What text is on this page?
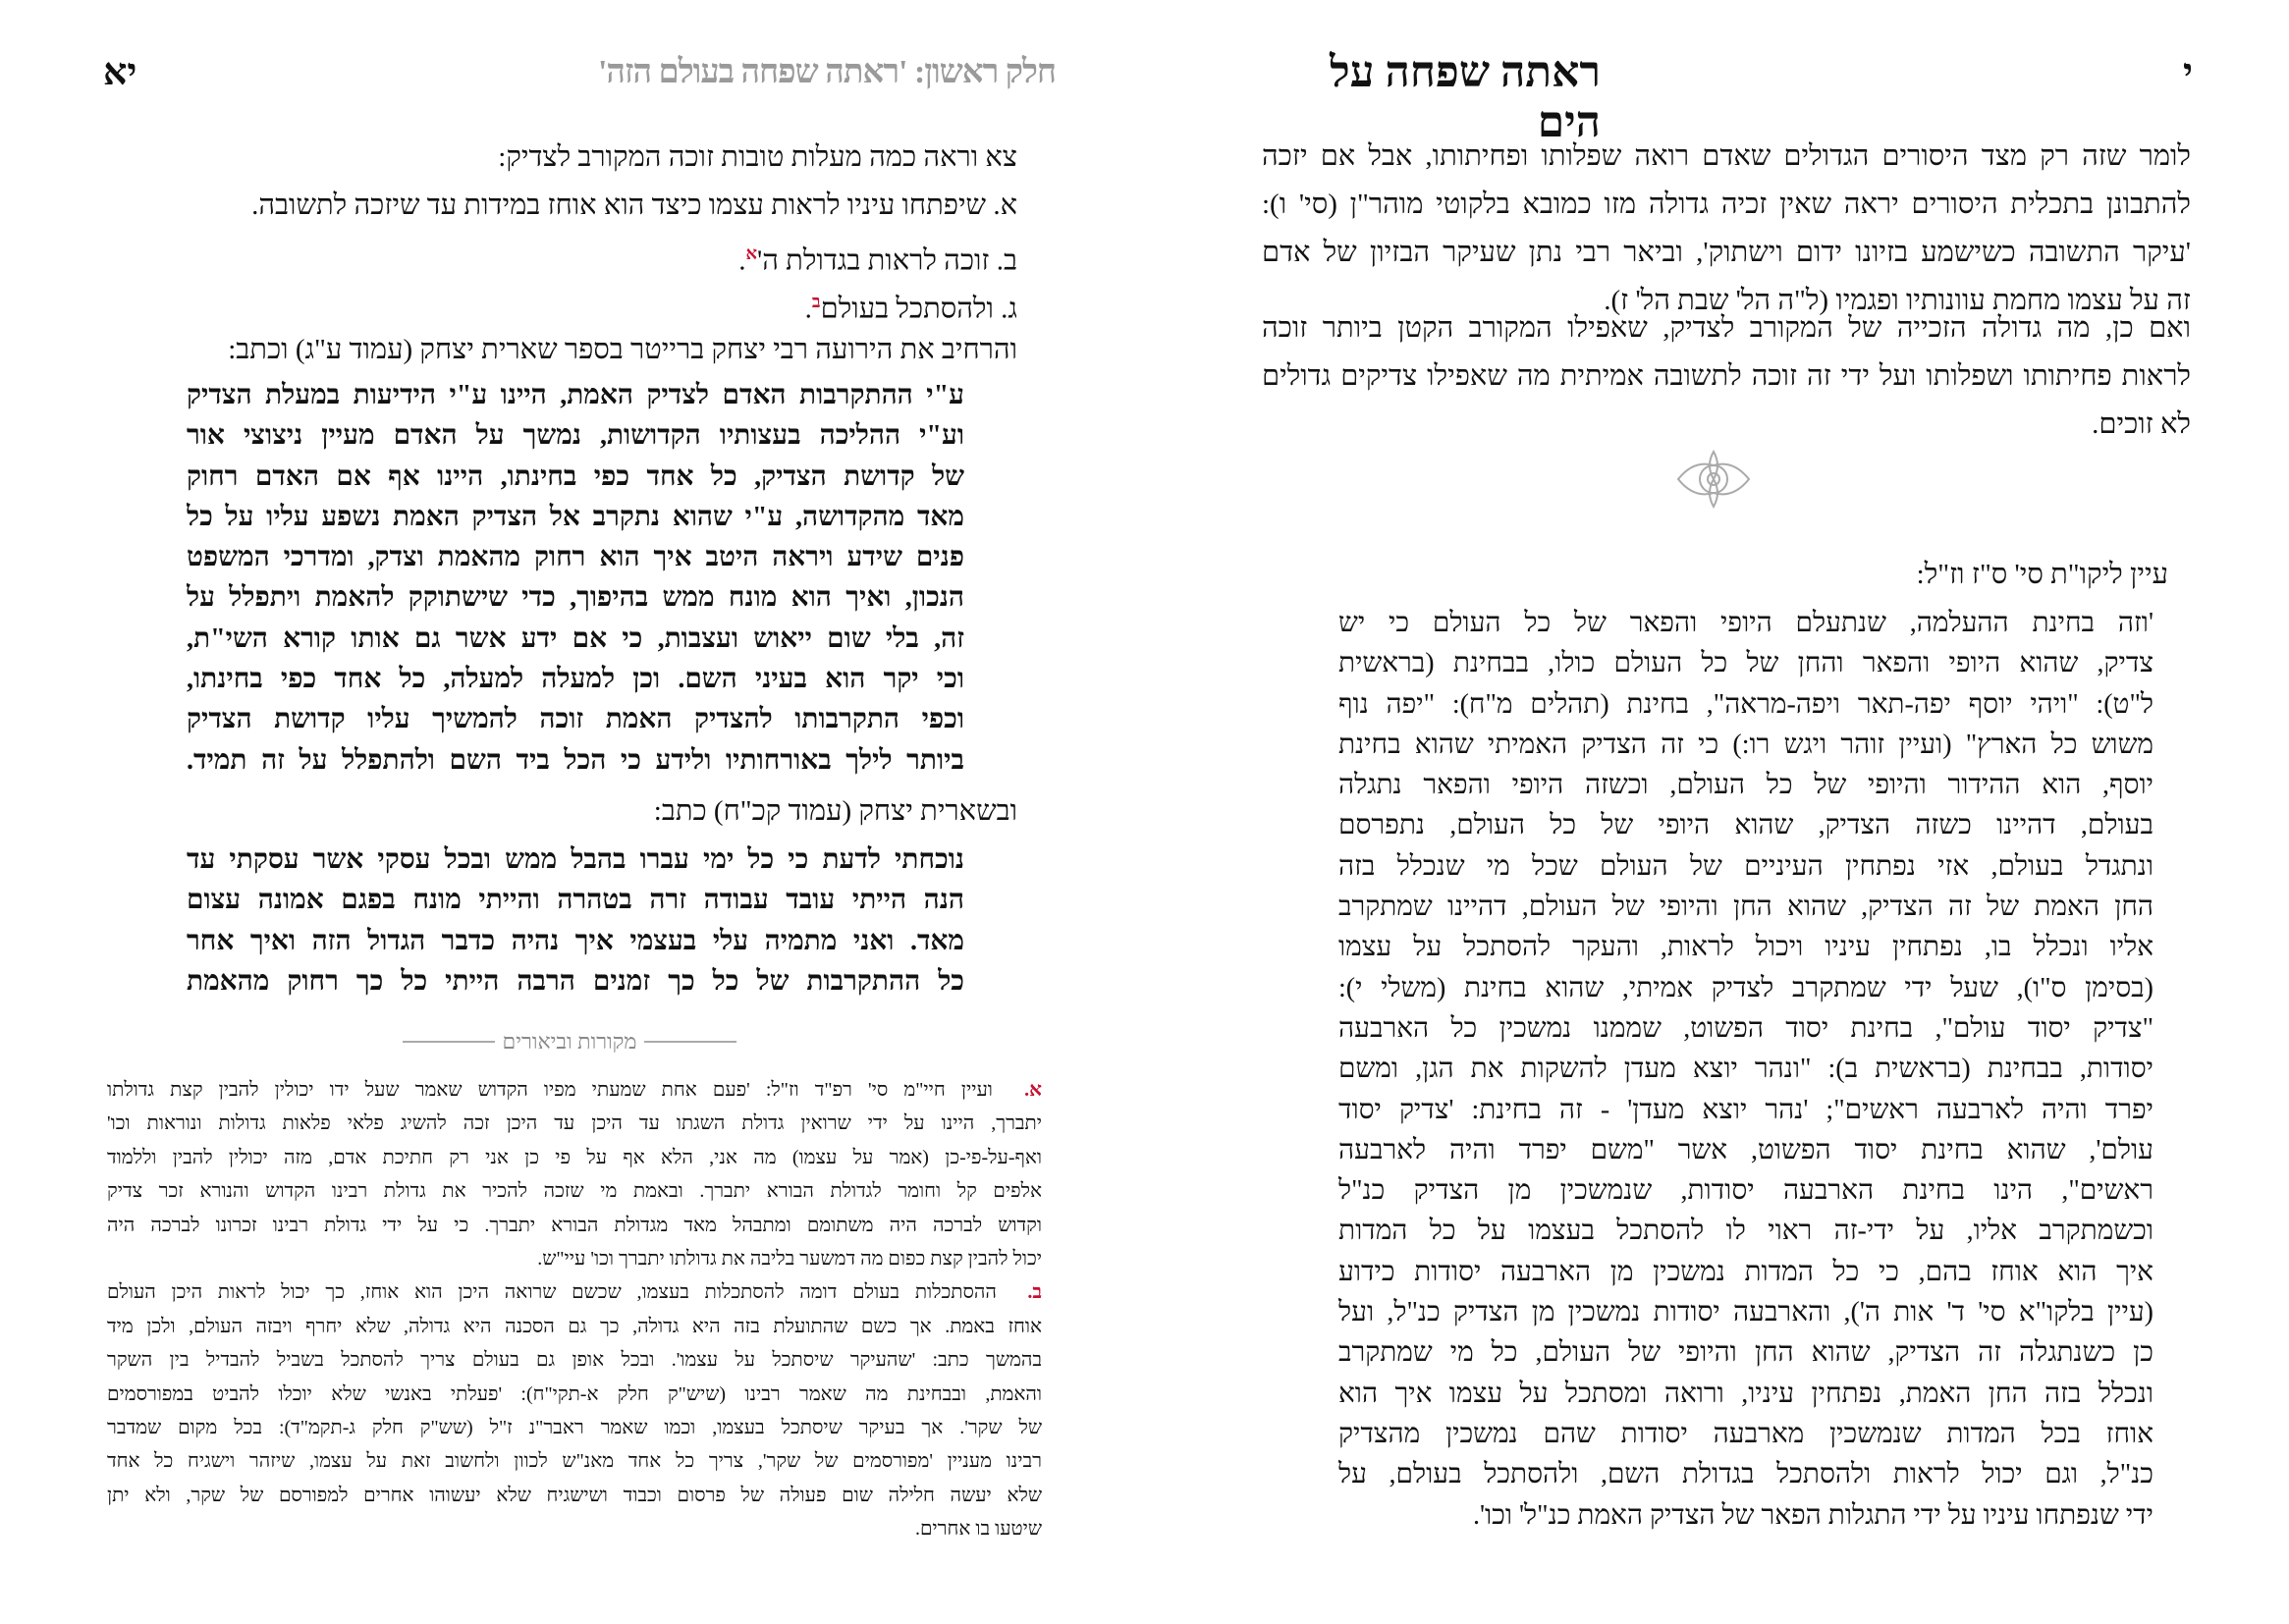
יא	חלק ראשון: 'ראתה שפחה בעולם הזה'
צא וראה כמה מעלות טובות זוכה המקורב לצדיק:
א. שיפתחו עיניו לראות עצמו כיצד הוא אוחז במידות עד שיזכה לתשובה.
ב. זוכה לראות בגדולת $ה'^א$.
ג. ולהסתכל בעולם$^ב$.
והרחיב את הירועה רבי יצחק ברייטר בספר שארית יצחק (עמוד ע"ג) וכתב:
ע"י ההתקרבות האדם לצדיק האמת, היינו ע"י הידיעות במעלת הצדיק
וע"י ההליכה בעצותיו הקדושות, נמשך על האדם מעיין ניצוצי אור
של קדושת הצדיק, כל אחד כפי בחינתו, היינו אף אם האדם רחוק
מאד מהקדושה, ע"י שהוא נתקרב אל הצדיק האמת נשפע עליו על כל
פנים שידע ויראה היטב איך הוא רחוק מהאמת וצדק, ומדרכי המשפט
הנכון, ואיך הוא מונח ממש בהיפוך, כדי שישתוקק להאמת ויתפלל על
זה, בלי שום ייאוש ועצבות, כי אם ידע אשר גם אותו קורא השי"ת,
וכי יקר הוא בעיני השם. וכן למעלה למעלה, כל אחד כפי בחינתו,
וכפי התקרבותו להצדיק האמת זוכה להמשיך עליו קדושת הצדיק
ביותר לילך באורחותיו ולידע כי הכל ביד השם ולהתפלל על זה תמיד.
ובשארית יצחק (עמוד קכ"ח) כתב:
נוכחתי לדעת כי כל ימי עברו בהבל ממש ובכל עסקי אשר עסקתי עד
הנה הייתי עובד עבודה זרה בטהרה והייתי מונח בפגם אמונה עצום
מאד. ואני מתמיה עלי בעצמי איך נהיה כדבר הגדול הזה ואיך אחר
כל ההתקרבות של כל כך זמנים הרבה הייתי כל כך רחוק מהאמת
מקורות וביאורים
א.  ועיין חיי"מ סי' רפ"ד וז"ל: 'פעם אחת שמעתי מפיו הקדוש שאמר שעל ידו יכולין להבין קצת גדולתו
יתברך, היינו על ידי שרואין גדולת השגתו עד היכן עד היכן זכה להשיג פלאי פלאות גדולות ונוראות וכו'
ואף-על-פי-כן (אמר על עצמו) מה אני, הלא אף על פי כן אני רק חתיכת אדם, מזה יכולין להבין וללמוד
אלפים קל וחומר לגדולת הבורא יתברך. ובאמת מי שזכה להכיר את גדולת רבינו הקדוש והנורא זכר צדיק
וקדוש לברכה היה משתומם ומתבהל מאד מגדולת הבורא יתברך. כי על ידי גדולת רבינו זכרונו לברכה היה
יכול להבין קצת כפום מה דמשער בליבה את גדולתו יתברך וכו' עיי"ש.
ב.  ההסתכלות בעולם דומה להסתכלות בעצמו, שכשם שרואה היכן הוא אוחז, כך יכול לראות היכן העולם
אוחז באמת. אך כשם שהתועלת בזה היא גדולה, כך גם הסכנה היא גדולה, שלא יחרף ויבזה העולם, ולכן מיד
בהמשך כתב: 'שהעיקר שיסתכל על עצמו'. ובכל אופן גם בעולם צריך להסתכל בשביל להבדיל בין השקר
והאמת, ובבחינת מה שאמר רבינו (שיש"ק חלק א-תקי"ח): 'פעלתי באנשי שלא יוכלו להביט במפורסמים
של שקר'. אך בעיקר שיסתכל בעצמו, וכמו שאמר ראבר"נ ז"ל (שש"ק חלק ג-תקמ"ד): בכל מקום שמדבר
רבינו מעניין 'מפורסמים של שקר', צריך כל אחד מאנ"ש לכוון ולחשוב זאת על עצמו, שיזהר וישגיח כל אחד
שלא יעשה חלילה שום פעולה של פרסום וכבוד ושישגיח שלא יעשוהו אחרים למפורסם של שקר, ולא יתן
שיטעו בו אחרים.
י
ראתה שפחה על הים
לומר שזה רק מצד היסורים הגדולים שאדם רואה שפלותו ופחיתותו, אבל אם יזכה
להתבונן בתכלית היסורים יראה שאין זכיה גדולה מזו כמובא בלקוטי מוהר"ן (סי' ו):
'עיקר התשובה כשישמע בזיונו ידום וישתוק', וביאר רבי נתן שעיקר הבזיון של אדם
זה על עצמו מחמת עוונותיו ופגמיו (ל"ה הל' שבת הל' ז).
ואם כן, מה גדולה הזכייה של המקורב לצדיק, שאפילו המקורב הקטן ביותר זוכה
לראות פחיתותו ושפלותו ועל ידי זה זוכה לתשובה אמיתית מה שאפילו צדיקים גדולים
לא זוכים.
עיין ליקו"ת סי' ס"ז וז"ל:
'וזה בחינת ההעלמה, שנתעלם היופי והפאר של כל העולם כי יש
צדיק, שהוא היופי והפאר והחן של כל העולם כולו, בבחינת (בראשית
ל"ט): "ויהי יוסף יפה-תאר ויפה-מראה", בחינת (תהלים מ"ח): "יפה נוף
משוש כל הארץ" (ועיין זוהר ויגש רו:) כי זה הצדיק האמיתי שהוא בחינת
יוסף, הוא ההידור והיופי של כל העולם, וכשזה היופי והפאר נתגלה
בעולם, דהיינו כשזה הצדיק, שהוא היופי של כל העולם, נתפרסם
ונתגדל בעולם, אזי נפתחין העיניים של העולם שכל מי שנכלל בזה
החן האמת של זה הצדיק, שהוא החן והיופי של העולם, דהיינו שמתקרב
אליו ונכלל בו, נפתחין עיניו ויכול לראות, והעקר להסתכל על עצמו
(בסימן ס"ו), שעל ידי שמתקרב לצדיק אמיתי, שהוא בחינת (משלי י):
"צדיק יסוד עולם", בחינת יסוד הפשוט, שממנו נמשכין כל הארבעה
יסודות, בבחינת (בראשית ב): "ונהר יוצא מעדן להשקות את הגן, ומשם
יפרד והיה לארבעה ראשים"; 'נהר יוצא מעדן' - זה בחינת: 'צדיק יסוד
עולם', שהוא בחינת יסוד הפשוט, אשר "משם יפרד והיה לארבעה
ראשים", הינו בחינת הארבעה יסודות, שנמשכין מן הצדיק כנ"ל
וכשמתקרב אליו, על ידי-זה ראוי לו להסתכל בעצמו על כל המדות
איך הוא אוחז בהם, כי כל המדות נמשכין מן הארבעה יסודות כידוע
(עיין בלקו"א סי' ד' אות ה'), והארבעה יסודות נמשכין מן הצדיק כנ"ל, ועל
כן כשנתגלה זה הצדיק, שהוא החן והיופי של העולם, כל מי שמתקרב
ונכלל בזה החן האמת, נפתחין עיניו, ורואה ומסתכל על עצמו איך הוא
אוחז בכל המדות שנמשכין מארבעה יסודות שהם נמשכין מהצדיק
כנ"ל, וגם יכול לראות ולהסתכל בגדולת השם, ולהסתכל בעולם, על
ידי שנפתחו עיניו על ידי התגלות הפאר של הצדיק האמת כנ"ל' וכו'.
